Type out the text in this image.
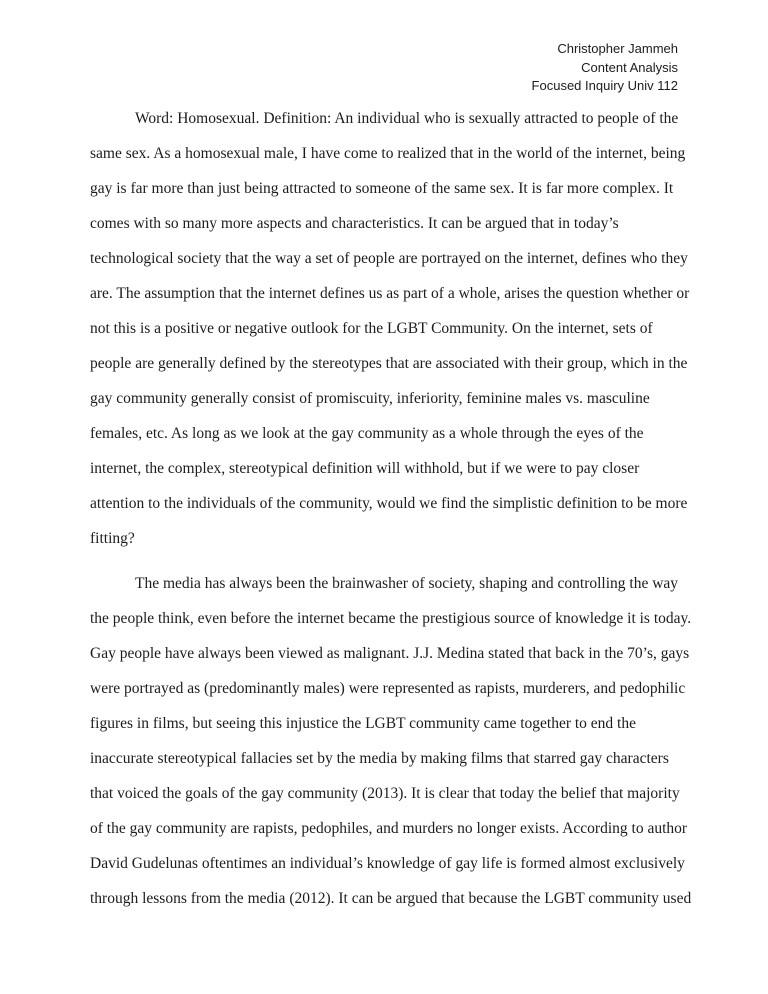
Christopher Jammeh
Content Analysis
Focused Inquiry Univ 112
Word: Homosexual. Definition: An individual who is sexually attracted to people of the
same sex. As a homosexual male, I have come to realized that in the world of the internet, being
gay is far more than just being attracted to someone of the same sex. It is far more complex. It
comes with so many more aspects and characteristics. It can be argued that in today’s
technological society that the way a set of people are portrayed on the internet, defines who they
are. The assumption that the internet defines us as part of a whole, arises the question whether or
not this is a positive or negative outlook for the LGBT Community. On the internet, sets of
people are generally defined by the stereotypes that are associated with their group, which in the
gay community generally consist of promiscuity, inferiority, feminine males vs. masculine
females, etc. As long as we look at the gay community as a whole through the eyes of the
internet, the complex, stereotypical definition will withhold, but if we were to pay closer
attention to the individuals of the community, would we find the simplistic definition to be more
fitting?
The media has always been the brainwasher of society, shaping and controlling the way
the people think, even before the internet became the prestigious source of knowledge it is today.
Gay people have always been viewed as malignant. J.J. Medina stated that back in the 70’s, gays
were portrayed as (predominantly males) were represented as rapists, murderers, and pedophilic
figures in films, but seeing this injustice the LGBT community came together to end the
inaccurate stereotypical fallacies set by the media by making films that starred gay characters
that voiced the goals of the gay community (2013). It is clear that today the belief that majority
of the gay community are rapists, pedophiles, and murders no longer exists. According to author
David Gudelunas oftentimes an individual’s knowledge of gay life is formed almost exclusively
through lessons from the media (2012). It can be argued that because the LGBT community used
